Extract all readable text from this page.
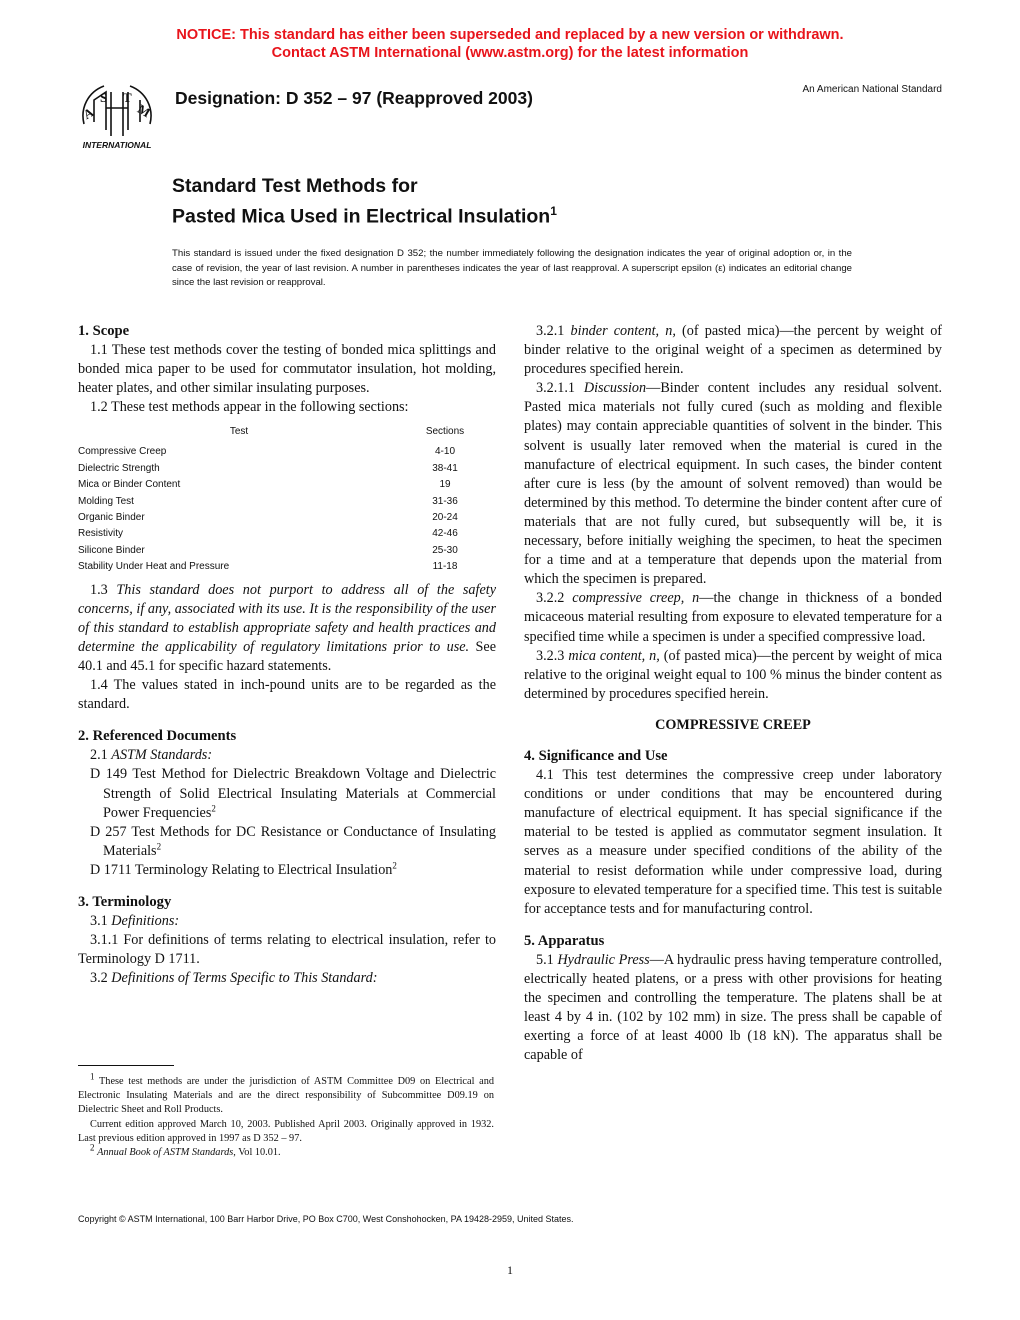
NOTICE: This standard has either been superseded and replaced by a new version or withdrawn.
Contact ASTM International (www.astm.org) for the latest information
A
S T
M
INTERNATIONAL
Designation: D 352 – 97 (Reapproved 2003)	An American National Standard
Standard Test Methods for
Pasted Mica Used in Electrical Insulation$^1$
This standard is issued under the fixed designation D 352; the number immediately following the designation indicates the year of original adoption or, in the case of revision, the year of last revision. A number in parentheses indicates the year of last reapproval. A superscript epsilon (ε) indicates an editorial change since the last revision or reapproval.
1. Scope

1.1 These test methods cover the testing of bonded mica splittings and bonded mica paper to be used for commutator insulation, hot molding, heater plates, and other similar insulating purposes.

1.2 These test methods appear in the following sections:

Test	Sections
Compressive Creep	4-10
Dielectric Strength	38-41
Mica or Binder Content	19
Molding Test	31-36
Organic Binder	20-24
Resistivity	42-46
Silicone Binder	25-30
Stability Under Heat and Pressure	11-18

1.3 This standard does not purport to address all of the safety concerns, if any, associated with its use. It is the responsibility of the user of this standard to establish appropriate safety and health practices and determine the applicability of regulatory limitations prior to use. See 40.1 and 45.1 for specific hazard statements.

1.4 The values stated in inch-pound units are to be regarded as the standard.

2. Referenced Documents

2.1 ASTM Standards:

D 149 Test Method for Dielectric Breakdown Voltage and Dielectric Strength of Solid Electrical Insulating Materials at Commercial Power Frequencies$^2$

D 257 Test Methods for DC Resistance or Conductance of Insulating Materials$^2$

D 1711 Terminology Relating to Electrical Insulation$^2$

3. Terminology

3.1 Definitions:

3.1.1 For definitions of terms relating to electrical insulation, refer to Terminology D 1711.

3.2 Definitions of Terms Specific to This Standard:

3.2.1 binder content, n, (of pasted mica)—the percent by weight of binder relative to the original weight of a specimen as determined by procedures specified herein.

3.2.1.1 Discussion—Binder content includes any residual solvent. Pasted mica materials not fully cured (such as molding and flexible plates) may contain appreciable quantities of solvent in the binder. This solvent is usually later removed when the material is cured in the manufacture of electrical equipment. In such cases, the binder content after cure is less (by the amount of solvent removed) than would be determined by this method. To determine the binder content after cure of materials that are not fully cured, but subsequently will be, it is necessary, before initially weighing the specimen, to heat the specimen for a time and at a temperature that depends upon the material from which the specimen is prepared.

3.2.2 compressive creep, n—the change in thickness of a bonded micaceous material resulting from exposure to elevated temperature for a specified time while a specimen is under a specified compressive load.

3.2.3 mica content, n, (of pasted mica)—the percent by weight of mica relative to the original weight equal to 100 % minus the binder content as determined by procedures specified herein.

COMPRESSIVE CREEP

4. Significance and Use

4.1 This test determines the compressive creep under laboratory conditions or under conditions that may be encountered during manufacture of electrical equipment. It has special significance if the material to be tested is applied as commutator segment insulation. It serves as a measure under specified conditions of the ability of the material to resist deformation while under compressive load, during exposure to elevated temperature for a specified time. This test is suitable for acceptance tests and for manufacturing control.

5. Apparatus

5.1 Hydraulic Press—A hydraulic press having temperature controlled, electrically heated platens, or a press with other provisions for heating the specimen and controlling the temperature. The platens shall be at least 4 by 4 in. (102 by 102 mm) in size. The press shall be capable of exerting a force of at least 4000 lb (18 kN). The apparatus shall be capable of

$^1$ These test methods are under the jurisdiction of ASTM Committee D09 on Electrical and Electronic Insulating Materials and are the direct responsibility of Subcommittee D09.19 on Dielectric Sheet and Roll Products.

Current edition approved March 10, 2003. Published April 2003. Originally approved in 1932. Last previous edition approved in 1997 as D 352 – 97.

$^2$ Annual Book of ASTM Standards, Vol 10.01.

Copyright © ASTM International, 100 Barr Harbor Drive, PO Box C700, West Conshohocken, PA 19428-2959, United States.
1
